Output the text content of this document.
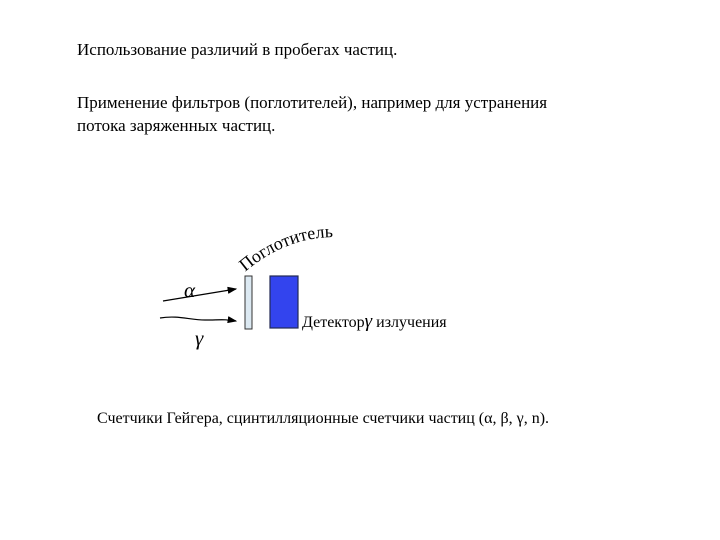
Использование различий в пробегах частиц.
Применение фильтров (поглотителей), например для устранения
потока заряженных частиц.
Поглотитель
α
γ
Детекторγ излучения
Счетчики Гейгера, сцинтилляционные счетчики частиц (α, β, γ, n).
